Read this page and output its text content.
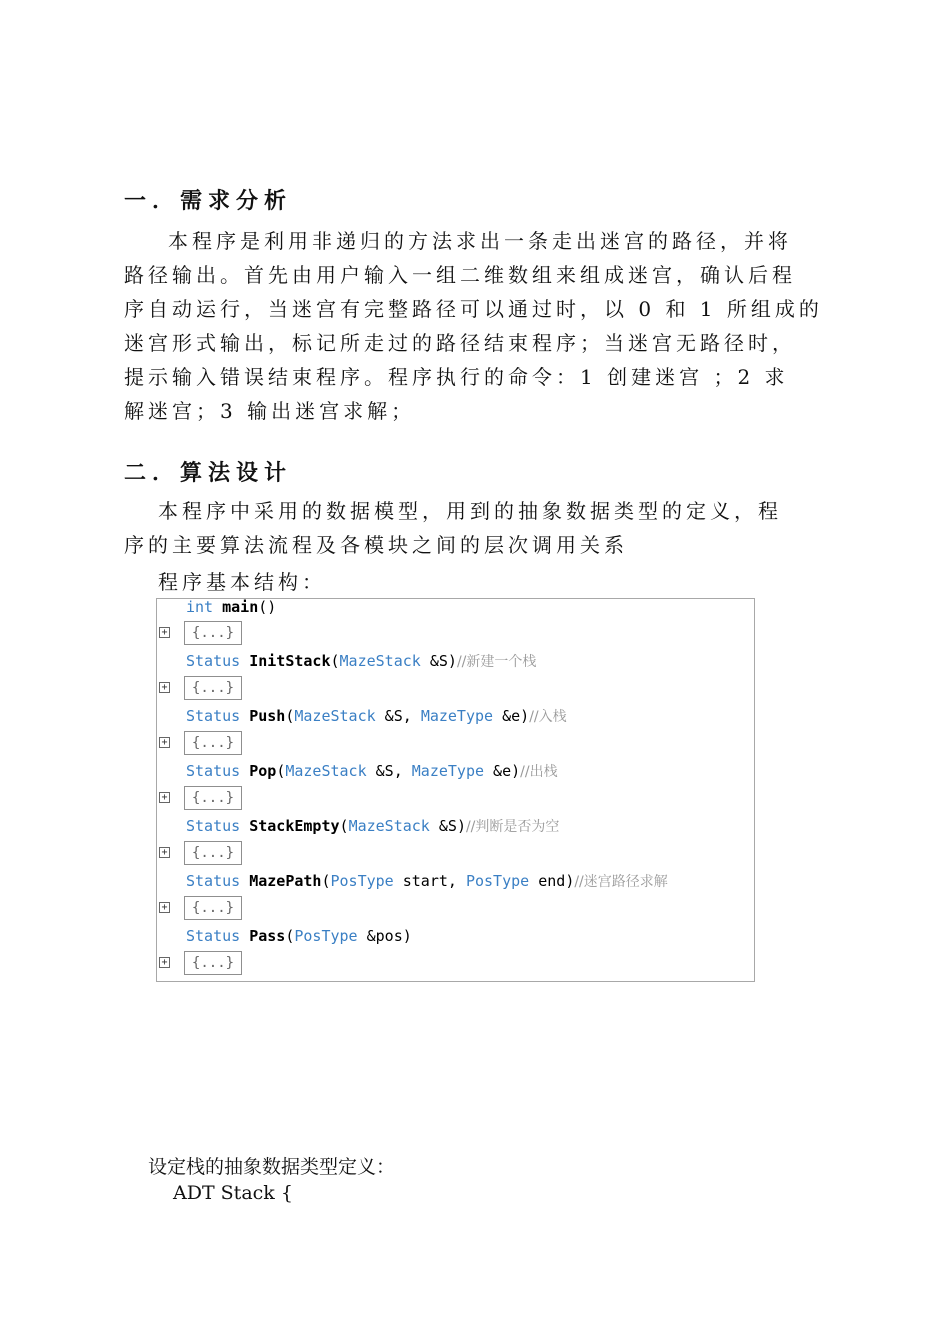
一．需求分析
本程序是利用非递归的方法求出一条走出迷宫的路径，并将
路径输出。首先由用户输入一组二维数组来组成迷宫，确认后程
序自动运行，当迷宫有完整路径可以通过时，以 0 和 1 所组成的
迷宫形式输出，标记所走过的路径结束程序；当迷宫无路径时，
提示输入错误结束程序。程序执行的命令：1 创建迷宫 ；2 求
解迷宫；3 输出迷宫求解；
二．算法设计
本程序中采用的数据模型，用到的抽象数据类型的定义，程
序的主要算法流程及各模块之间的层次调用关系
程序基本结构：
int main()
+	{...}
Status InitStack(MazeStack &S)//新建一个栈
+	{...}
Status Push(MazeStack &S, MazeType &e)//入栈
+	{...}
Status Pop(MazeStack &S, MazeType &e)//出栈
+	{...}
Status StackEmpty(MazeStack &S)//判断是否为空
+	{...}
Status MazePath(PosType start, PosType end)//迷宫路径求解
+	{...}
Status Pass(PosType &pos)
+	{...}
设定栈的抽象数据类型定义：
ADT Stack {
